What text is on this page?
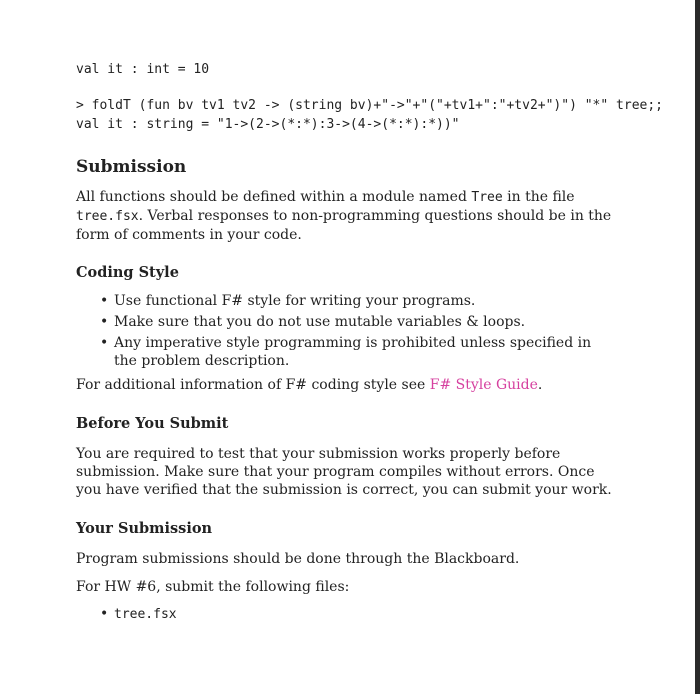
val it : int = 10
> foldT (fun bv tv1 tv2 -> (string bv)+"->"+"("+tv1+":"+tv2+")") "*" tree;;
val it : string = "1->(2->(*:*):3->(4->(*:*):*))"
Submission
All functions should be defined within a module named Tree in the file tree.fsx. Verbal responses to non-programming questions should be in the form of comments in your code.
Coding Style
• Use functional F# style for writing your programs.
• Make sure that you do not use mutable variables & loops.
• Any imperative style programming is prohibited unless specified in the problem description.
For additional information of F# coding style see F# Style Guide.
Before You Submit
You are required to test that your submission works properly before submission. Make sure that your program compiles without errors. Once you have verified that the submission is correct, you can submit your work.
Your Submission
Program submissions should be done through the Blackboard.
For HW #6, submit the following files:
• tree.fsx
